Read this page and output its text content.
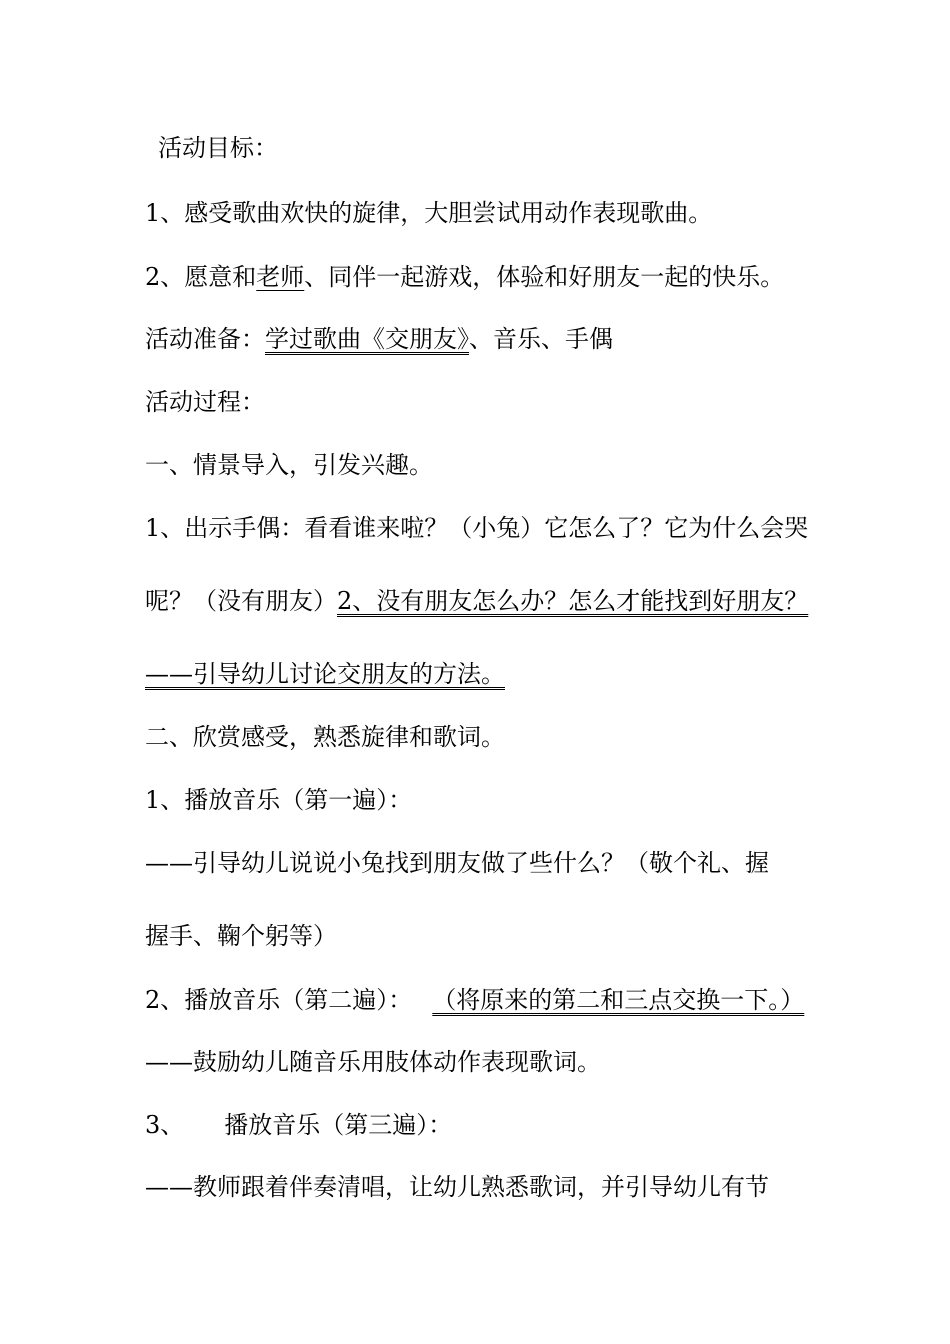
活动目标：
1、感受歌曲欢快的旋律，大胆尝试用动作表现歌曲。
2、愿意和老师、同伴一起游戏，体验和好朋友一起的快乐。
活动准备：学过歌曲《交朋友》、音乐、手偶
活动过程：
一、情景导入，引发兴趣。
1、出示手偶：看看谁来啦？（小兔）它怎么了？它为什么会哭
呢？（没有朋友）2、没有朋友怎么办？怎么才能找到好朋友？
——引导幼儿讨论交朋友的方法。
二、欣赏感受，熟悉旋律和歌词。
1、播放音乐（第一遍）：
——引导幼儿说说小兔找到朋友做了些什么？（敬个礼、握
握手、鞠个躬等）
2、播放音乐（第二遍）： （将原来的第二和三点交换一下。）
——鼓励幼儿随音乐用肢体动作表现歌词。
3、 播放音乐（第三遍）：
——教师跟着伴奏清唱，让幼儿熟悉歌词，并引导幼儿有节
